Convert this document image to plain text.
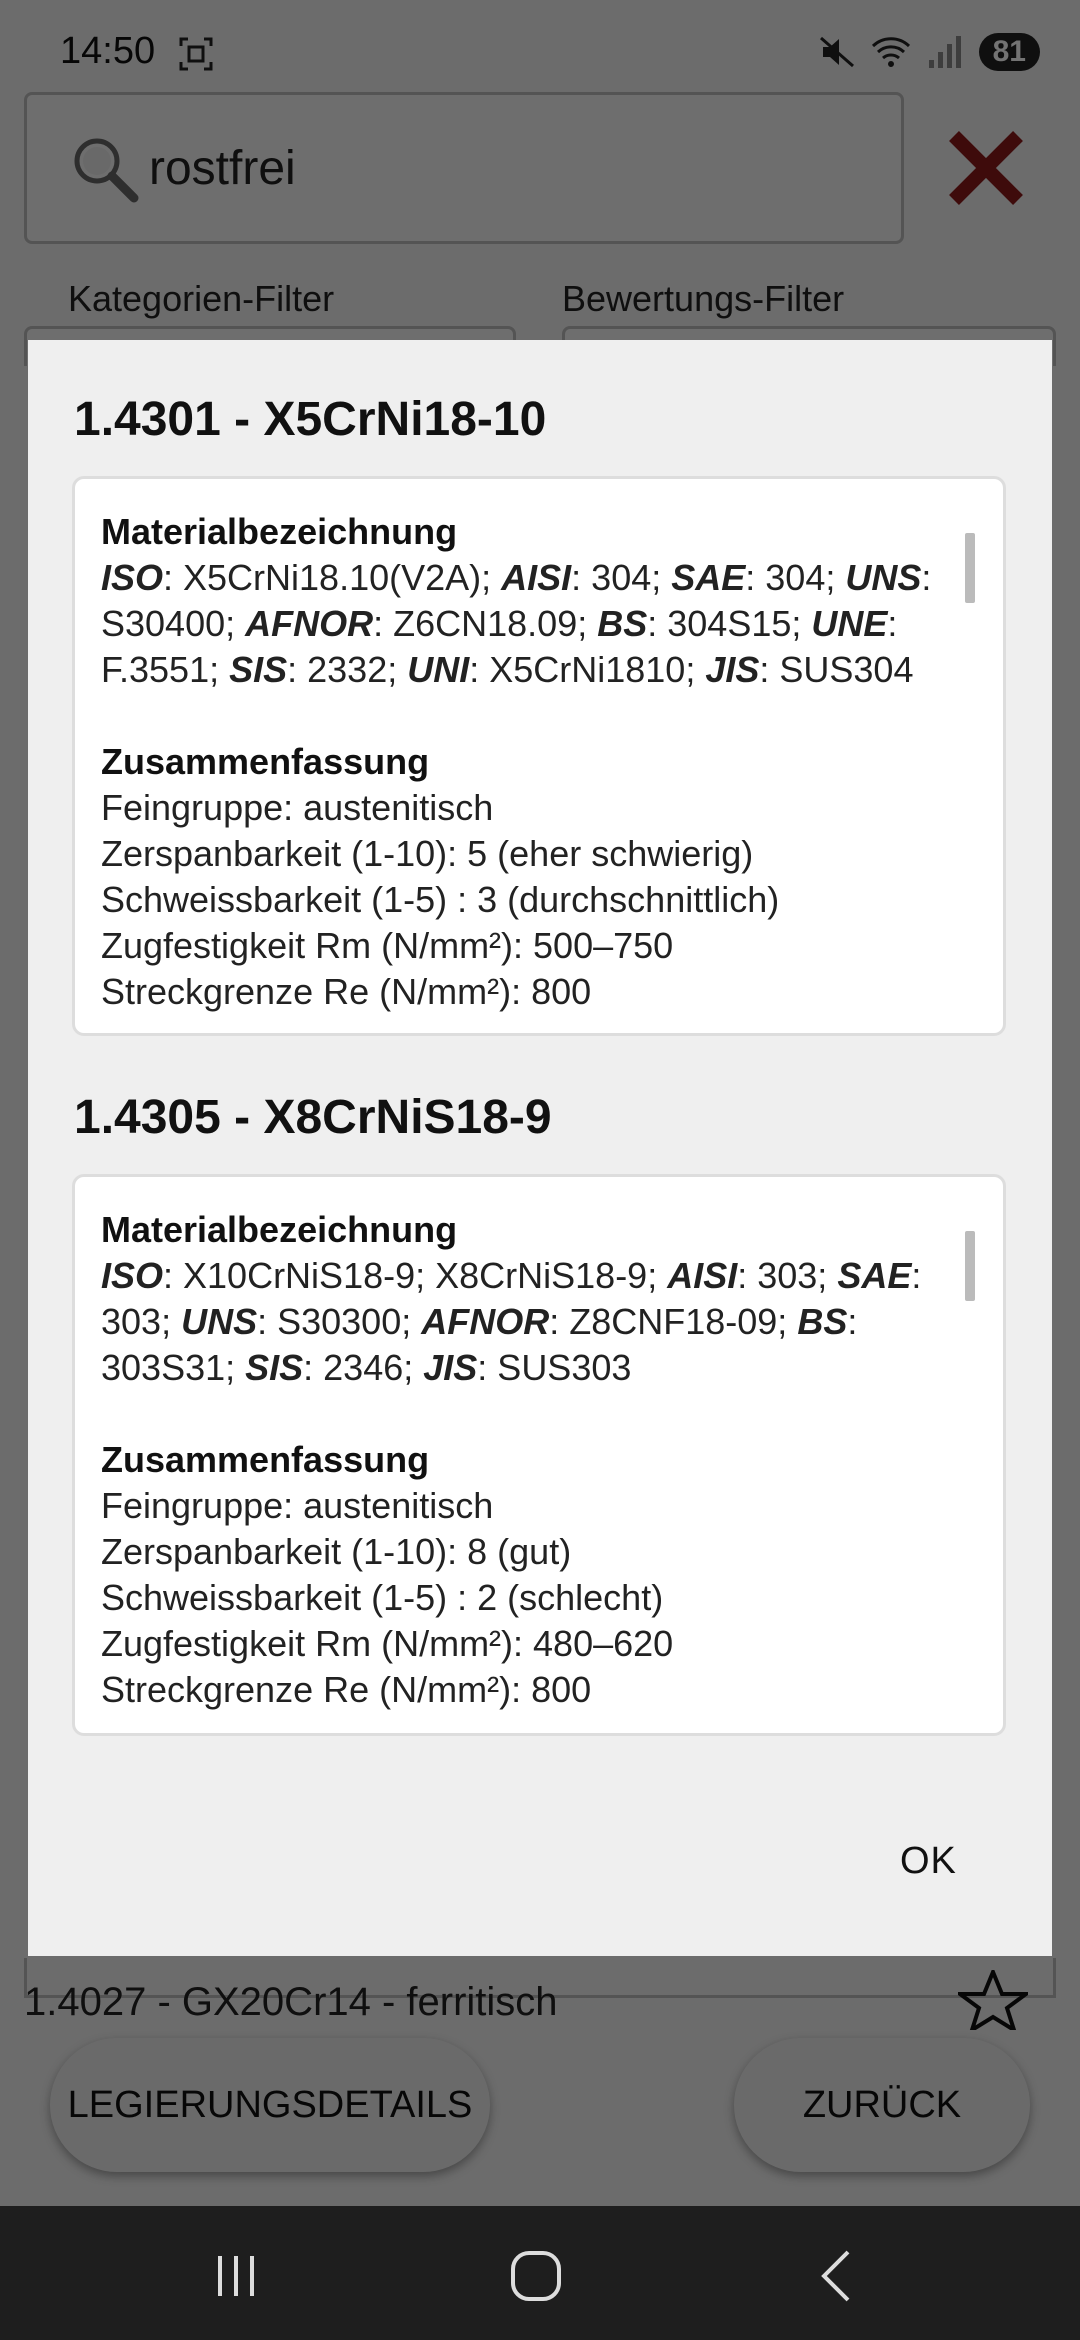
1.4301 - X5CrNi18-10
Materialbezeichnung
ISO: X5CrNi18.10(V2A); AISI: 304; SAE: 304; UNS:
S30400; AFNOR: Z6CN18.09; BS: 304S15; UNE:
F.3551; SIS: 2332; UNI: X5CrNi1810; JIS: SUS304
Zusammenfassung
Feingruppe: austenitisch
Zerspanbarkeit (1-10): 5 (eher schwierig)
Schweissbarkeit (1-5) : 3 (durchschnittlich)
Zugfestigkeit Rm (N/mm²): 500–750
Streckgrenze Re (N/mm²): 800
1.4305 - X8CrNiS18-9
Materialbezeichnung
ISO: X10CrNiS18-9; X8CrNiS18-9; AISI: 303; SAE:
303; UNS: S30300; AFNOR: Z8CNF18-09; BS:
303S31; SIS: 2346; JIS: SUS303
Zusammenfassung
Feingruppe: austenitisch
Zerspanbarkeit (1-10): 8 (gut)
Schweissbarkeit (1-5) : 2 (schlecht)
Zugfestigkeit Rm (N/mm²): 480–620
Streckgrenze Re (N/mm²): 800
OK
